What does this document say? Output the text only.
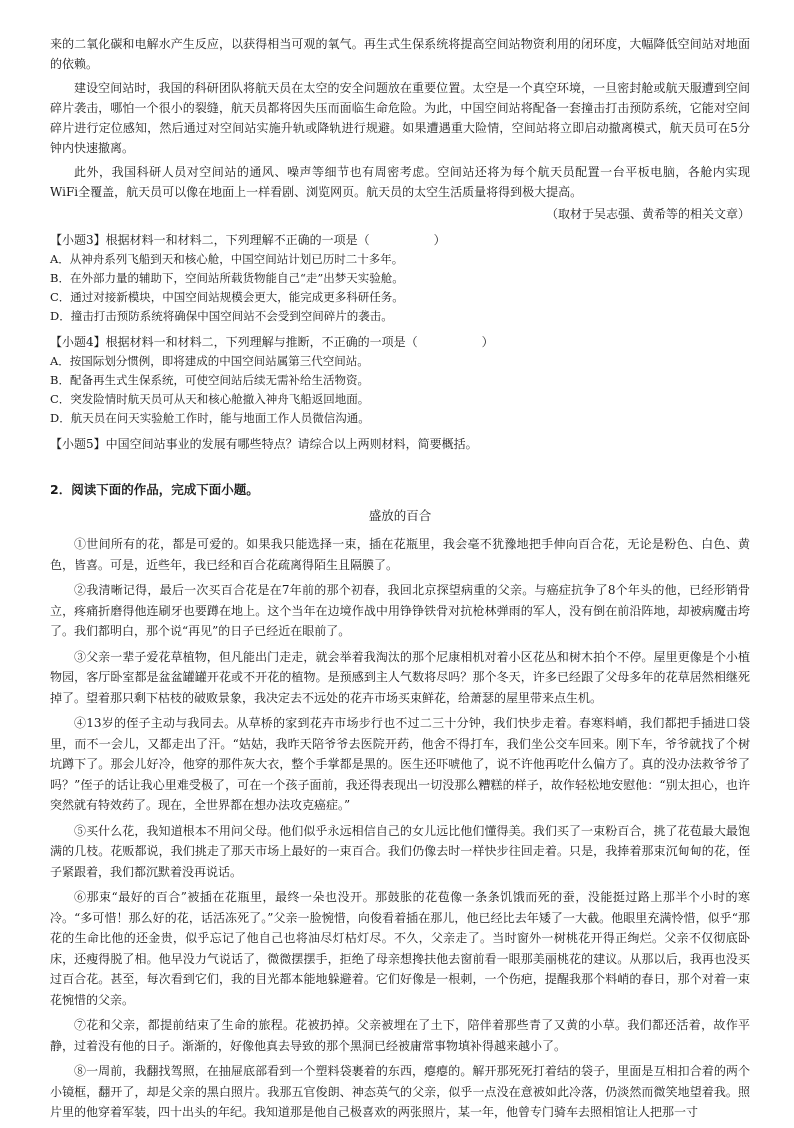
来的二氧化碳和电解水产生反应，以获得相当可观的氧气。再生式生保系统将提高空间站物资利用的闭环度，大幅降低空间站对地面的依赖。

建设空间站时，我国的科研团队将航天员在太空的安全问题放在重要位置。太空是一个真空环境，一旦密封舱或航天服遭到空间碎片袭击，哪怕一个很小的裂缝，航天员都将因失压而面临生命危险。为此，中国空间站将配备一套撞击打击预防系统，它能对空间碎片进行定位感知，然后通过对空间站实施升轨或降轨进行规避。如果遭遇重大险情，空间站将立即启动撤离模式，航天员可在5分钟内快速撤离。

此外，我国科研人员对空间站的通风、噪声等细节也有周密考虑。空间站还将为每个航天员配置一台平板电脑，各舱内实现WiFi全覆盖，航天员可以像在地面上一样看剧、浏览网页。航天员的太空生活质量将得到极大提高。

（取材于吴志强、黄希等的相关文章）

【小题3】根据材料一和材料二，下列理解不正确的一项是（	）

A．从神舟系列飞船到天和核心舱，中国空间站计划已历时二十多年。

B．在外部力量的辅助下，空间站所载货物能自己“走”出梦天实验舱。

C．通过对接新模块，中国空间站规模会更大，能完成更多科研任务。

D．撞击打击预防系统将确保中国空间站不会受到空间碎片的袭击。

【小题4】根据材料一和材料二，下列理解与推断，不正确的一项是（	）

A．按国际划分惯例，即将建成的中国空间站属第三代空间站。

B．配备再生式生保系统，可使空间站后续无需补给生活物资。

C．突发险情时航天员可从天和核心舱撤入神舟飞船返回地面。

D．航天员在问天实验舱工作时，能与地面工作人员微信沟通。

【小题5】中国空间站事业的发展有哪些特点？请综合以上两则材料，简要概括。

2．阅读下面的作品，完成下面小题。

盛放的百合

①世间所有的花，都是可爱的。如果我只能选择一束，插在花瓶里，我会毫不犹豫地把手伸向百合花，无论是粉色、白色、黄色，皆喜。可是，近些年，我已经和百合花疏离得陌生且隔膜了。

②我清晰记得，最后一次买百合花是在7年前的那个初春，我回北京探望病重的父亲。与癌症抗争了8个年头的他，已经形销骨立，疼痛折磨得他连刷牙也要蹲在地上。这个当年在边境作战中用铮铮铁骨对抗枪林弹雨的军人，没有倒在前沿阵地，却被病魔击垮了。我们都明白，那个说“再见”的日子已经近在眼前了。

③父亲一辈子爱花草植物，但凡能出门走走，就会举着我淘汰的那个尼康相机对着小区花丛和树木拍个不停。屋里更像是个小植物园，客厅卧室都是盆盆罐罐开花或不开花的植物。是预感到主人气数将尽吗？那个冬天，许多已经跟了父母多年的花草居然相继死掉了。望着那只剩下枯枝的破败景象，我决定去不远处的花卉市场买束鲜花，给萧瑟的屋里带来点生机。

④13岁的侄子主动与我同去。从草桥的家到花卉市场步行也不过二三十分钟，我们快步走着。春寒料峭，我们都把手插进口袋里，而不一会儿，又都走出了汗。“姑姑，我昨天陪爷爷去医院开药，他舍不得打车，我们坐公交车回来。刚下车，爷爷就找了个树坑蹲下了。那会儿好冷，他穿的那件灰大衣，整个手掌都是黑的。医生还吓唬他了，说不许他再吃什么偏方了。真的没办法救爷爷了吗？”侄子的话让我心里难受极了，可在一个孩子面前，我还得表现出一切没那么糟糕的样子，故作轻松地安慰他：“别太担心，也许突然就有特效药了。现在，全世界都在想办法攻克癌症。”

⑤买什么花，我知道根本不用问父母。他们似乎永远相信自己的女儿远比他们懂得美。我们买了一束粉百合，挑了花苞最大最饱满的几枝。花贩都说，我们挑走了那天市场上最好的一束百合。我们仍像去时一样快步往回走着。只是，我捧着那束沉甸甸的花，侄子紧跟着，我们都沉默着没再说话。

⑥那束“最好的百合”被插在花瓶里，最终一朵也没开。那鼓胀的花苞像一条条饥饿而死的蚕，没能挺过路上那半个小时的寒冷。“多可惜！那么好的花，话活冻死了。”父亲一脸惋惜，向俊看着插在那儿，他已经比去年矮了一大截。他眼里充满怜惜，似乎“那花的生命比他的还金贵，似乎忘记了他自己也将油尽灯枯灯尽。不久，父亲走了。当时窗外一树桃花开得正绚烂。父亲不仅彻底卧床，还瘦得脱了相。他早没力气说话了，微微摆摆手，拒绝了母亲想搀扶他去窗前看一眼那美丽桃花的建议。从那以后，我再也没买过百合花。甚至，每次看到它们，我的目光都本能地躲避着。它们好像是一根刺，一个伤疤，提醒我那个料峭的春日，那个对着一束花惋惜的父亲。

⑦花和父亲，都提前结束了生命的旅程。花被扔掉。父亲被埋在了土下，陪伴着那些青了又黄的小草。我们都还活着，故作平静，过着没有他的日子。渐渐的，好像他真去导致的那个黑洞已经被庸常事物填补得越来越小了。

⑧一周前，我翻找驾照，在抽屉底部看到一个塑料袋裹着的东西，瘪瘪的。解开那死死打着结的袋子，里面是互相扣合着的两个小镜框，翻开了，却是父亲的黑白照片。我那五官俊朗、神态英气的父亲，似乎一点没在意被如此冷落，仍淡然而微笑地望着我。照片里的他穿着军装，四十出头的年纪。我知道那是他自己极喜欢的两张照片，某一年，他曾专门骑车去照相馆让人把那一寸
